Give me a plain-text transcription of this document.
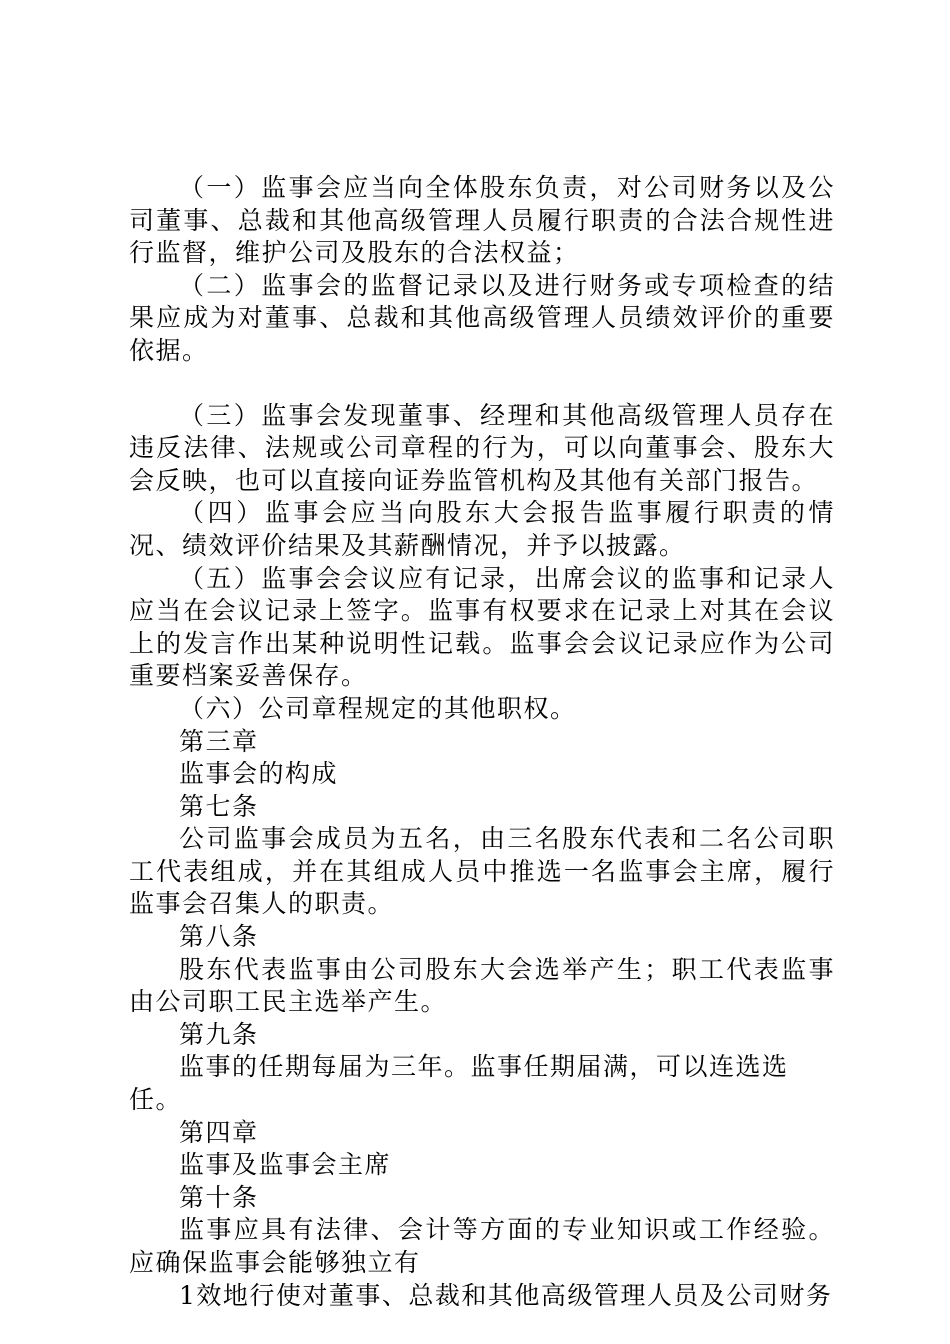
（一）监事会应当向全体股东负责，对公司财务以及公司董事、总裁和其他高级管理人员履行职责的合法合规性进行监督，维护公司及股东的合法权益；

（二）监事会的监督记录以及进行财务或专项检查的结果应成为对董事、总裁和其他高级管理人员绩效评价的重要依据。

（三）监事会发现董事、经理和其他高级管理人员存在违反法律、法规或公司章程的行为，可以向董事会、股东大会反映，也可以直接向证券监管机构及其他有关部门报告。

（四）监事会应当向股东大会报告监事履行职责的情况、绩效评价结果及其薪酬情况，并予以披露。

（五）监事会会议应有记录，出席会议的监事和记录人应当在会议记录上签字。监事有权要求在记录上对其在会议上的发言作出某种说明性记载。监事会会议记录应作为公司重要档案妥善保存。

（六）公司章程规定的其他职权。

第三章

监事会的构成

第七条

公司监事会成员为五名，由三名股东代表和二名公司职工代表组成，并在其组成人员中推选一名监事会主席，履行监事会召集人的职责。

第八条

股东代表监事由公司股东大会选举产生；职工代表监事由公司职工民主选举产生。

第九条

监事的任期每届为三年。监事任期届满，可以连选选任。

第四章

监事及监事会主席

第十条

监事应具有法律、会计等方面的专业知识或工作经验。应确保监事会能够独立有

1效地行使对董事、总裁和其他高级管理人员及公司财务
